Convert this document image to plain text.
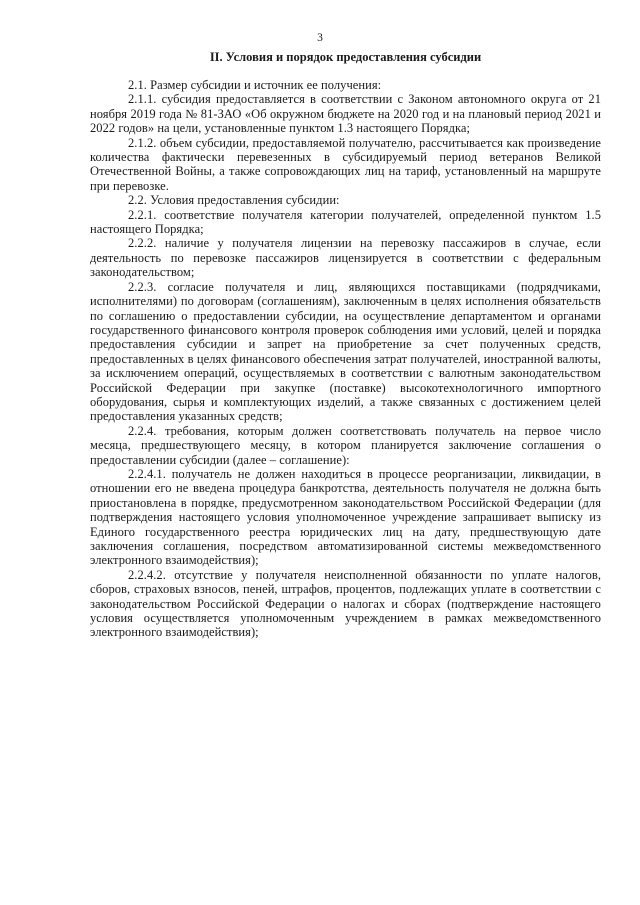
3
II. Условия и порядок предоставления субсидии

2.1. Размер субсидии и источник ее получения:

2.1.1. субсидия предоставляется в соответствии с Законом автономного округа от 21 ноября 2019 года № 81-ЗАО «Об окружном бюджете на 2020 год и на плановый период 2021 и 2022 годов» на цели, установленные пунктом 1.3 настоящего Порядка;

2.1.2. объем субсидии, предоставляемой получателю, рассчитывается как произведение количества фактически перевезенных в субсидируемый период ветеранов Великой Отечественной Войны, а также сопровождающих лиц на тариф, установленный на маршруте при перевозке.

2.2. Условия предоставления субсидии:

2.2.1. соответствие получателя категории получателей, определенной пунктом 1.5 настоящего Порядка;

2.2.2. наличие у получателя лицензии на перевозку пассажиров в случае, если деятельность по перевозке пассажиров лицензируется в соответствии с федеральным законодательством;

2.2.3. согласие получателя и лиц, являющихся поставщиками (подрядчиками, исполнителями) по договорам (соглашениям), заключенным в целях исполнения обязательств по соглашению о предоставлении субсидии, на осуществление департаментом и органами государственного финансового контроля проверок соблюдения ими условий, целей и порядка предоставления субсидии и запрет на приобретение за счет полученных средств, предоставленных в целях финансового обеспечения затрат получателей, иностранной валюты, за исключением операций, осуществляемых в соответствии с валютным законодательством Российской Федерации при закупке (поставке) высокотехнологичного импортного оборудования, сырья и комплектующих изделий, а также связанных с достижением целей предоставления указанных средств;

2.2.4. требования, которым должен соответствовать получатель на первое число месяца, предшествующего месяцу, в котором планируется заключение соглашения о предоставлении субсидии (далее – соглашение):

2.2.4.1. получатель не должен находиться в процессе реорганизации, ликвидации, в отношении его не введена процедура банкротства, деятельность получателя не должна быть приостановлена в порядке, предусмотренном законодательством Российской Федерации (для подтверждения настоящего условия уполномоченное учреждение запрашивает выписку из Единого государственного реестра юридических лиц на дату, предшествующую дате заключения соглашения, посредством автоматизированной системы межведомственного электронного взаимодействия);

2.2.4.2. отсутствие у получателя неисполненной обязанности по уплате налогов, сборов, страховых взносов, пеней, штрафов, процентов, подлежащих уплате в соответствии с законодательством Российской Федерации о налогах и сборах (подтверждение настоящего условия осуществляется уполномоченным учреждением в рамках межведомственного электронного взаимодействия);
